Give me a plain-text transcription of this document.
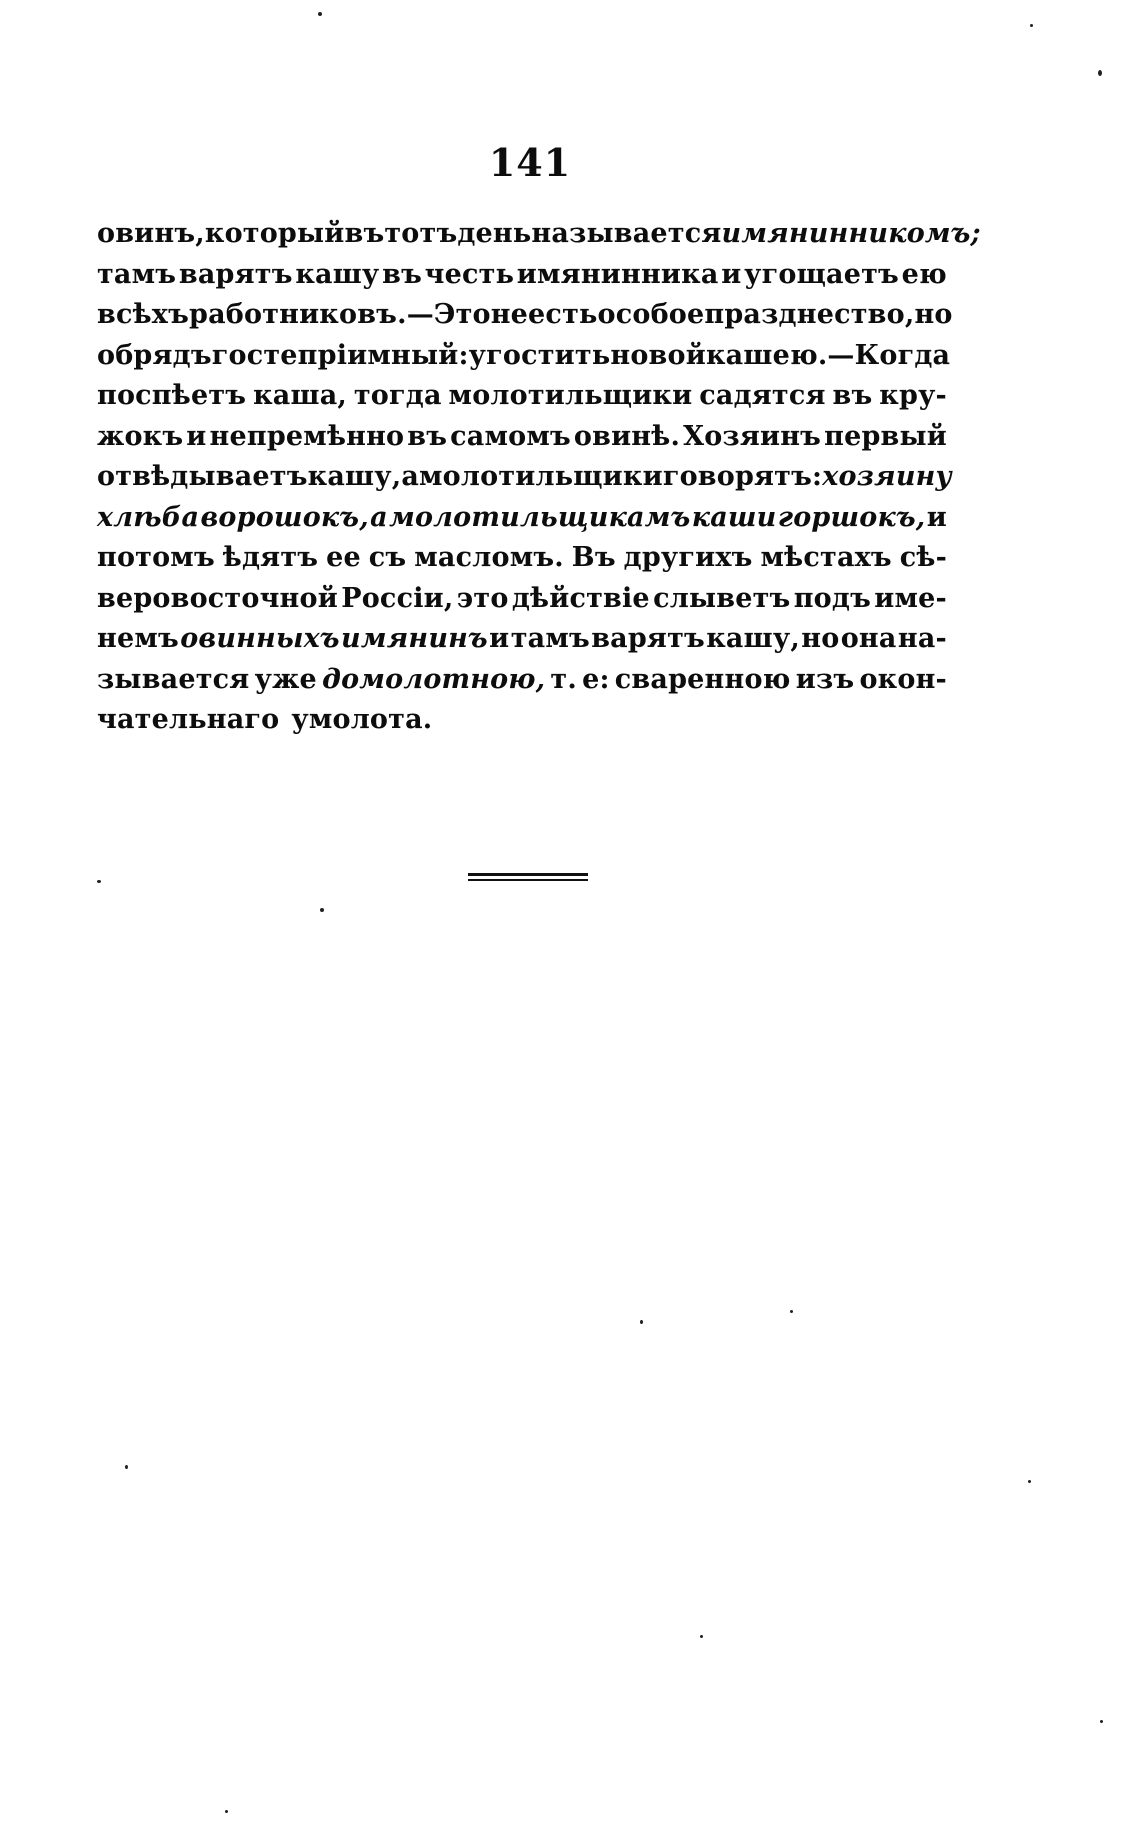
141
овинъ, который въ тотъ день называется имянинникомъ;
тамъ варятъ кашу въ честь имянинника и угощаетъ ею
всѣхъ работниковъ.—Это не есть особое празднество, но
обрядъ гостепріимный: угостить новой кашею.—Когда
поспѣетъ каша, тогда молотильщики садятся въ кру-
жокъ и непремѣнно въ самомъ овинѣ. Хозяинъ первый
отвѣдываетъ кашу, а молотильщики говорятъ: хозяину
хлѣба ворошокъ, а молотильщикамъ каши горшокъ, и
потомъ ѣдятъ ее съ масломъ. Въ другихъ мѣстахъ сѣ-
веровосточной Россіи, это дѣйствіе слыветъ подъ име-
немъ овинныхъ имянинъ и тамъ варятъ кашу, но она на-
зывается уже домолотною, т. е: сваренною изъ окон-
чательнаго умолота.
